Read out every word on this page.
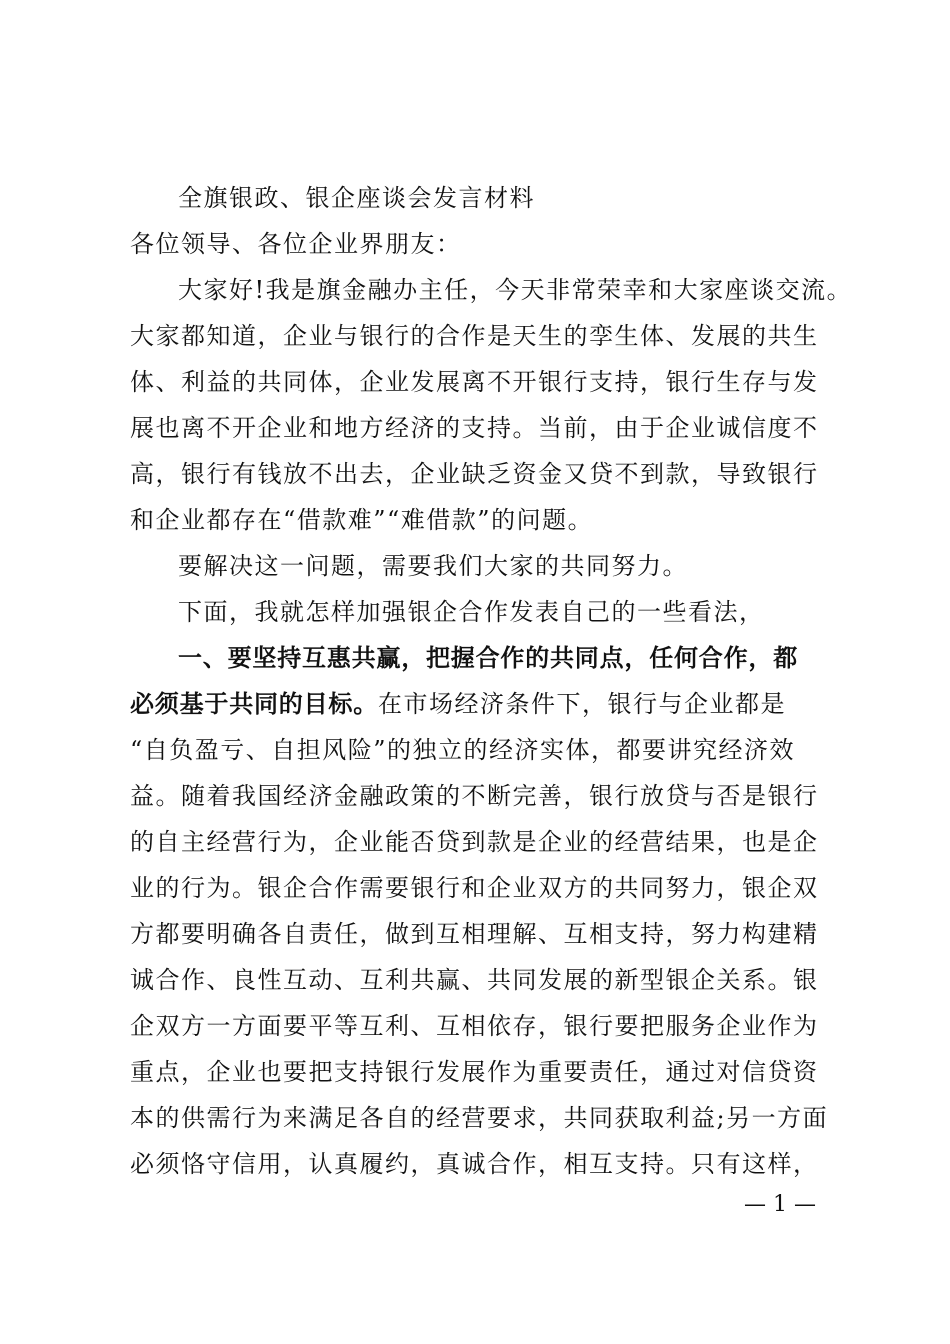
全旗银政、银企座谈会发言材料
各位领导、各位企业界朋友：
大家好!我是旗金融办主任，今天非常荣幸和大家座谈交流。
大家都知道，企业与银行的合作是天生的孪生体、发展的共生
体、利益的共同体，企业发展离不开银行支持，银行生存与发
展也离不开企业和地方经济的支持。当前，由于企业诚信度不
高，银行有钱放不出去，企业缺乏资金又贷不到款，导致银行
和企业都存在“借款难”“难借款”的问题。
要解决这一问题，需要我们大家的共同努力。
下面，我就怎样加强银企合作发表自己的一些看法，
一、要坚持互惠共赢，把握合作的共同点，任何合作，都
必须基于共同的目标。在市场经济条件下，银行与企业都是
“自负盈亏、自担风险”的独立的经济实体，都要讲究经济效
益。随着我国经济金融政策的不断完善，银行放贷与否是银行
的自主经营行为，企业能否贷到款是企业的经营结果，也是企
业的行为。银企合作需要银行和企业双方的共同努力，银企双
方都要明确各自责任，做到互相理解、互相支持，努力构建精
诚合作、良性互动、互利共赢、共同发展的新型银企关系。银
企双方一方面要平等互利、互相依存，银行要把服务企业作为
重点，企业也要把支持银行发展作为重要责任，通过对信贷资
本的供需行为来满足各自的经营要求，共同获取利益;另一方面
必须恪守信用，认真履约，真诚合作，相互支持。只有这样，
— 1 —
